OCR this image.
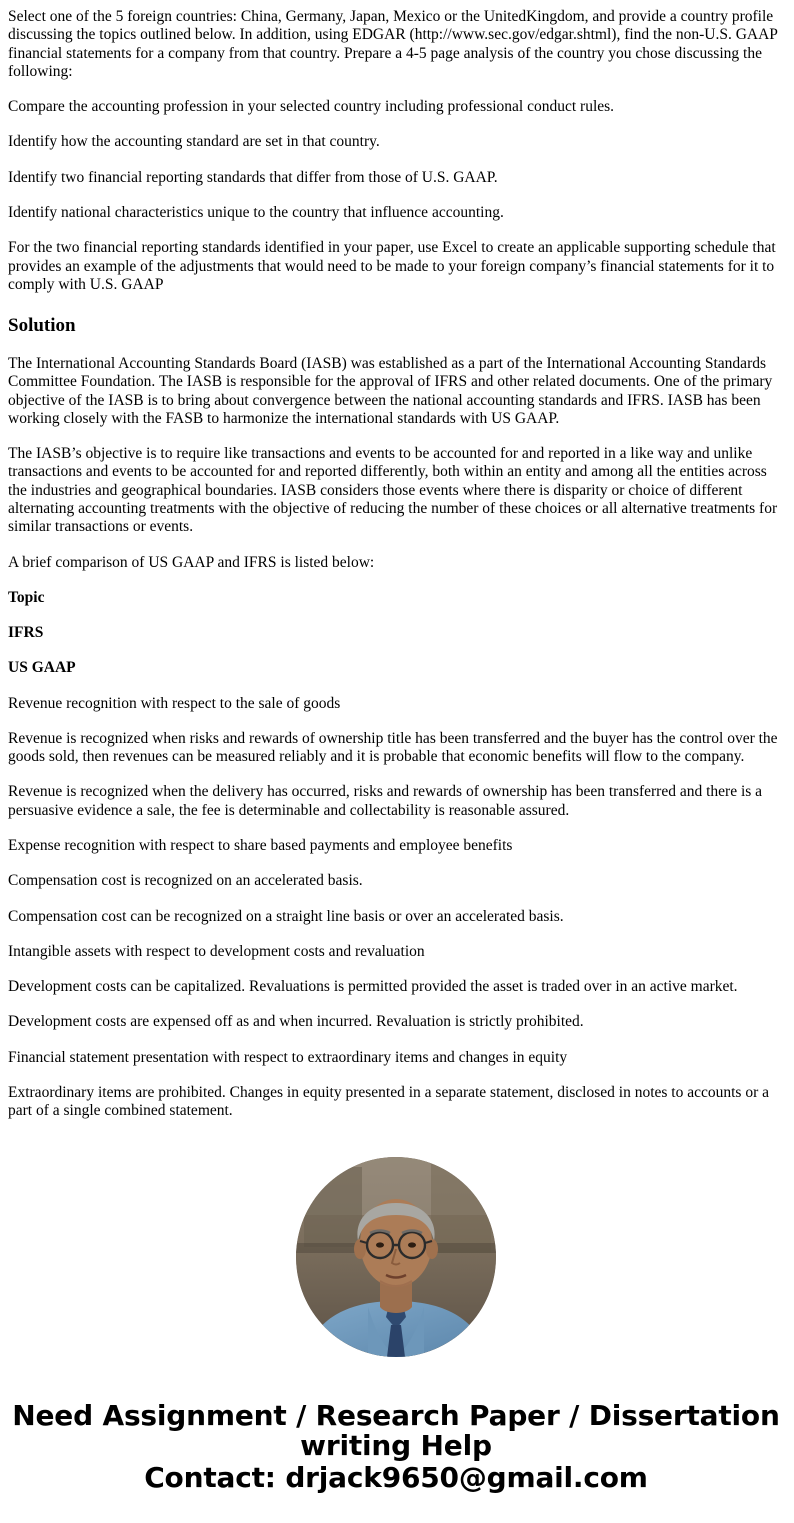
Select one of the 5 foreign countries: China, Germany, Japan, Mexico or the UnitedKingdom, and provide a country profile discussing the topics outlined below. In addition, using EDGAR (http://www.sec.gov/edgar.shtml), find the non-U.S. GAAP financial statements for a company from that country. Prepare a 4-5 page analysis of the country you chose discussing the following:

Compare the accounting profession in your selected country including professional conduct rules.

Identify how the accounting standard are set in that country.

Identify two financial reporting standards that differ from those of U.S. GAAP.

Identify national characteristics unique to the country that influence accounting.

For the two financial reporting standards identified in your paper, use Excel to create an applicable supporting schedule that provides an example of the adjustments that would need to be made to your foreign company’s financial statements for it to comply with U.S. GAAP

Solution

The International Accounting Standards Board (IASB) was established as a part of the International Accounting Standards Committee Foundation. The IASB is responsible for the approval of IFRS and other related documents. One of the primary objective of the IASB is to bring about convergence between the national accounting standards and IFRS. IASB has been working closely with the FASB to harmonize the international standards with US GAAP.

The IASB’s objective is to require like transactions and events to be accounted for and reported in a like way and unlike transactions and events to be accounted for and reported differently, both within an entity and among all the entities across the industries and geographical boundaries. IASB considers those events where there is disparity or choice of different alternating accounting treatments with the objective of reducing the number of these choices or all alternative treatments for similar transactions or events.

A brief comparison of US GAAP and IFRS is listed below:

Topic

IFRS

US GAAP

Revenue recognition with respect to the sale of goods

Revenue is recognized when risks and rewards of ownership title has been transferred and the buyer has the control over the goods sold, then revenues can be measured reliably and it is probable that economic benefits will flow to the company.

Revenue is recognized when the delivery has occurred, risks and rewards of ownership has been transferred and there is a persuasive evidence a sale, the fee is determinable and collectability is reasonable assured.

Expense recognition with respect to share based payments and employee benefits

Compensation cost is recognized on an accelerated basis.

Compensation cost can be recognized on a straight line basis or over an accelerated basis.

Intangible assets with respect to development costs and revaluation

Development costs can be capitalized. Revaluations is permitted provided the asset is traded over in an active market.

Development costs are expensed off as and when incurred. Revaluation is strictly prohibited.

Financial statement presentation with respect to extraordinary items and changes in equity

Extraordinary items are prohibited. Changes in equity presented in a separate statement, disclosed in notes to accounts or a part of a single combined statement.

Need Assignment / Research Paper / Dissertation writing Help
Contact: drjack9650@gmail.com
